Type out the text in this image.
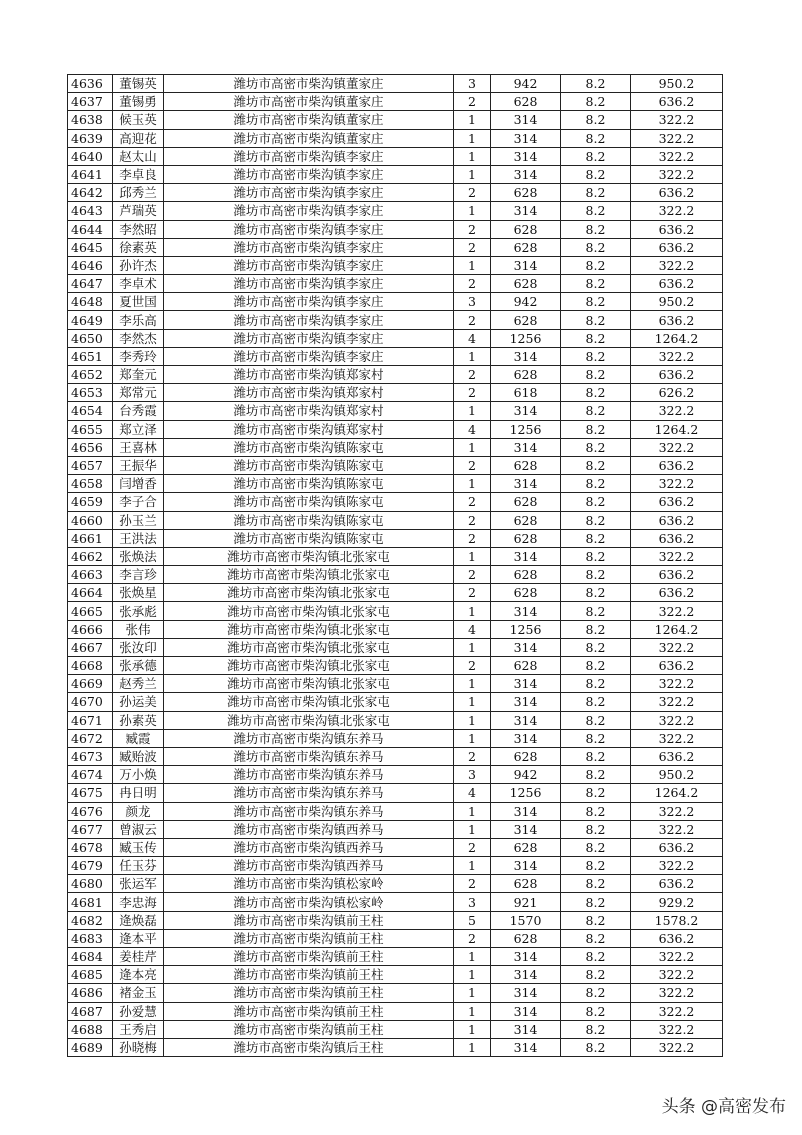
4636	董锡英	潍坊市高密市柴沟镇董家庄	3	942	8.2	950.2
4637	董锡勇	潍坊市高密市柴沟镇董家庄	2	628	8.2	636.2
4638	候玉英	潍坊市高密市柴沟镇董家庄	1	314	8.2	322.2
4639	高迎花	潍坊市高密市柴沟镇董家庄	1	314	8.2	322.2
4640	赵太山	潍坊市高密市柴沟镇李家庄	1	314	8.2	322.2
4641	李卓良	潍坊市高密市柴沟镇李家庄	1	314	8.2	322.2
4642	邱秀兰	潍坊市高密市柴沟镇李家庄	2	628	8.2	636.2
4643	芦瑞英	潍坊市高密市柴沟镇李家庄	1	314	8.2	322.2
4644	李然昭	潍坊市高密市柴沟镇李家庄	2	628	8.2	636.2
4645	徐素英	潍坊市高密市柴沟镇李家庄	2	628	8.2	636.2
4646	孙许杰	潍坊市高密市柴沟镇李家庄	1	314	8.2	322.2
4647	李卓术	潍坊市高密市柴沟镇李家庄	2	628	8.2	636.2
4648	夏世国	潍坊市高密市柴沟镇李家庄	3	942	8.2	950.2
4649	李乐高	潍坊市高密市柴沟镇李家庄	2	628	8.2	636.2
4650	李然杰	潍坊市高密市柴沟镇李家庄	4	1256	8.2	1264.2
4651	李秀玲	潍坊市高密市柴沟镇李家庄	1	314	8.2	322.2
4652	郑奎元	潍坊市高密市柴沟镇郑家村	2	628	8.2	636.2
4653	郑常元	潍坊市高密市柴沟镇郑家村	2	618	8.2	626.2
4654	台秀霞	潍坊市高密市柴沟镇郑家村	1	314	8.2	322.2
4655	郑立泽	潍坊市高密市柴沟镇郑家村	4	1256	8.2	1264.2
4656	王喜林	潍坊市高密市柴沟镇陈家屯	1	314	8.2	322.2
4657	王振华	潍坊市高密市柴沟镇陈家屯	2	628	8.2	636.2
4658	闫增香	潍坊市高密市柴沟镇陈家屯	1	314	8.2	322.2
4659	李子合	潍坊市高密市柴沟镇陈家屯	2	628	8.2	636.2
4660	孙玉兰	潍坊市高密市柴沟镇陈家屯	2	628	8.2	636.2
4661	王洪法	潍坊市高密市柴沟镇陈家屯	2	628	8.2	636.2
4662	张焕法	潍坊市高密市柴沟镇北张家屯	1	314	8.2	322.2
4663	李言珍	潍坊市高密市柴沟镇北张家屯	2	628	8.2	636.2
4664	张焕星	潍坊市高密市柴沟镇北张家屯	2	628	8.2	636.2
4665	张承彪	潍坊市高密市柴沟镇北张家屯	1	314	8.2	322.2
4666	张伟	潍坊市高密市柴沟镇北张家屯	4	1256	8.2	1264.2
4667	张汝印	潍坊市高密市柴沟镇北张家屯	1	314	8.2	322.2
4668	张承德	潍坊市高密市柴沟镇北张家屯	2	628	8.2	636.2
4669	赵秀兰	潍坊市高密市柴沟镇北张家屯	1	314	8.2	322.2
4670	孙运美	潍坊市高密市柴沟镇北张家屯	1	314	8.2	322.2
4671	孙素英	潍坊市高密市柴沟镇北张家屯	1	314	8.2	322.2
4672	臧霞	潍坊市高密市柴沟镇东养马	1	314	8.2	322.2
4673	臧贻波	潍坊市高密市柴沟镇东养马	2	628	8.2	636.2
4674	万小焕	潍坊市高密市柴沟镇东养马	3	942	8.2	950.2
4675	冉日明	潍坊市高密市柴沟镇东养马	4	1256	8.2	1264.2
4676	颜龙	潍坊市高密市柴沟镇东养马	1	314	8.2	322.2
4677	曾淑云	潍坊市高密市柴沟镇西养马	1	314	8.2	322.2
4678	臧玉传	潍坊市高密市柴沟镇西养马	2	628	8.2	636.2
4679	任玉芬	潍坊市高密市柴沟镇西养马	1	314	8.2	322.2
4680	张运军	潍坊市高密市柴沟镇松家岭	2	628	8.2	636.2
4681	李忠海	潍坊市高密市柴沟镇松家岭	3	921	8.2	929.2
4682	逄焕磊	潍坊市高密市柴沟镇前王柱	5	1570	8.2	1578.2
4683	逄本平	潍坊市高密市柴沟镇前王柱	2	628	8.2	636.2
4684	姜桂芹	潍坊市高密市柴沟镇前王柱	1	314	8.2	322.2
4685	逄本亮	潍坊市高密市柴沟镇前王柱	1	314	8.2	322.2
4686	褚金玉	潍坊市高密市柴沟镇前王柱	1	314	8.2	322.2
4687	孙爱慧	潍坊市高密市柴沟镇前王柱	1	314	8.2	322.2
4688	王秀启	潍坊市高密市柴沟镇前王柱	1	314	8.2	322.2
4689	孙晓梅	潍坊市高密市柴沟镇后王柱	1	314	8.2	322.2
头条 @高密发布
